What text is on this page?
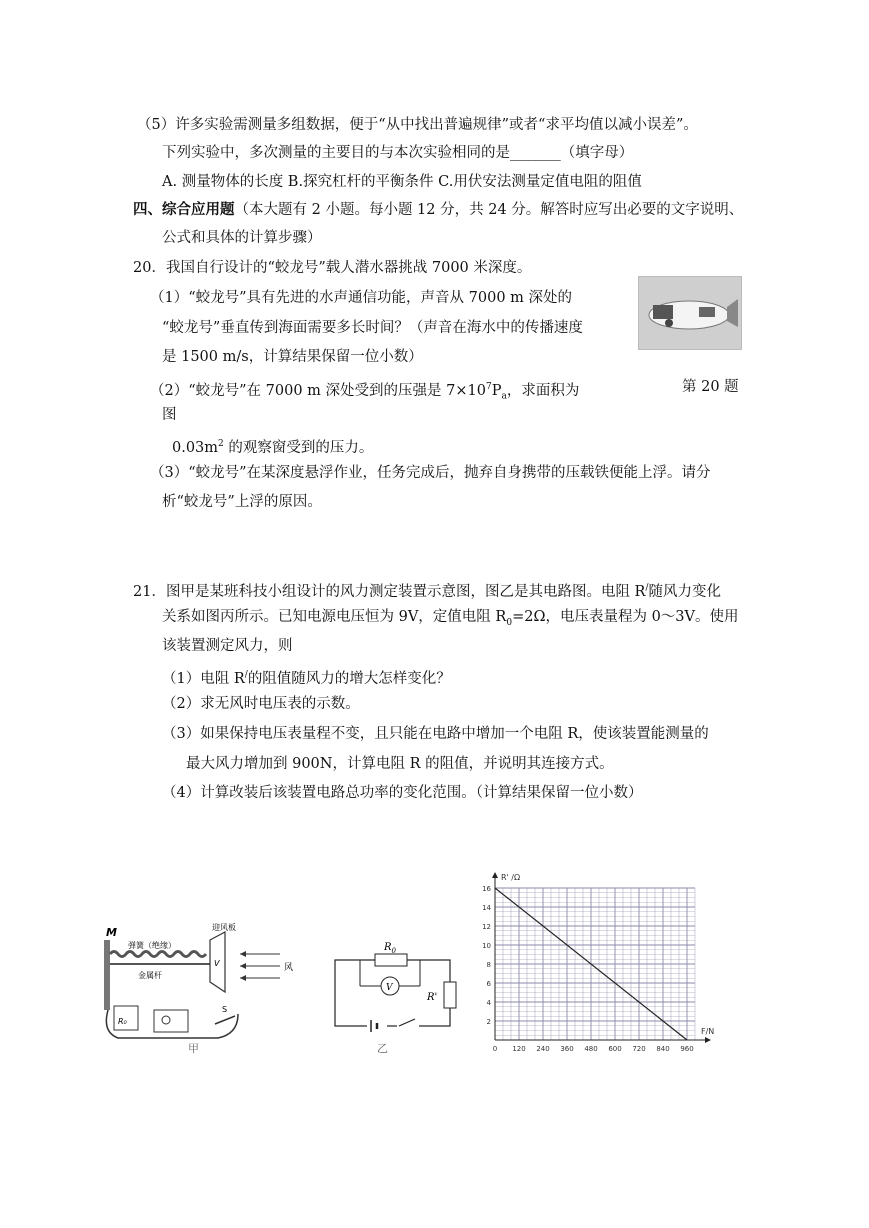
（5）许多实验需测量多组数据，便于“从中找出普遍规律”或者“求平均值以减小误差”。
下列实验中，多次测量的主要目的与本次实验相同的是_______（填字母）
A. 测量物体的长度 B.探究杠杆的平衡条件 C.用伏安法测量定值电阻的阻值
四、综合应用题（本大题有 2 小题。每小题 12 分，共 24 分。解答时应写出必要的文字说明、
公式和具体的计算步骤）
20．我国自行设计的“蛟龙号”载人潜水器挑战 7000 米深度。
（1）“蛟龙号”具有先进的水声通信功能，声音从 7000 m 深处的
“蛟龙号”垂直传到海面需要多长时间？（声音在海水中的传播速度
是 1500 m/s，计算结果保留一位小数）
（2）“蛟龙号”在 7000 m 深处受到的压强是 $7\times 10^7P_a$，求面积为	第 20 题
图
$0.03m^2$ 的观察窗受到的压力。
（3）“蛟龙号”在某深度悬浮作业，任务完成后，抛弃自身携带的压载铁便能上浮。请分
析“蛟龙号”上浮的原因。
21．图甲是某班科技小组设计的风力测定装置示意图，图乙是其电路图。电阻 R/随风力变化
关系如图丙所示。已知电源电压恒为 9V，定值电阻 $R_0=2\Omega$，电压表量程为 0～3V。使用
该装置测定风力，则
（1）电阻 R/的阻值随风力的增大怎样变化？
（2）求无风时电压表的示数。
（3）如果保持电压表量程不变，且只能在电路中增加一个电阻 R，使该装置能测量的
最大风力增加到 900N，计算电阻 R 的阻值，并说明其连接方式。
（4）计算改装后该装置电路总功率的变化范围。（计算结果保留一位小数）
M
弹簧（绝缘）
迎风板
金属杆
风
V
R₀
S
甲
$R_0$
V
R'
乙	0 120 240 360 480 600 720 840 960
2
4
6
8
10
12
14
16
R' /Ω
F/N
